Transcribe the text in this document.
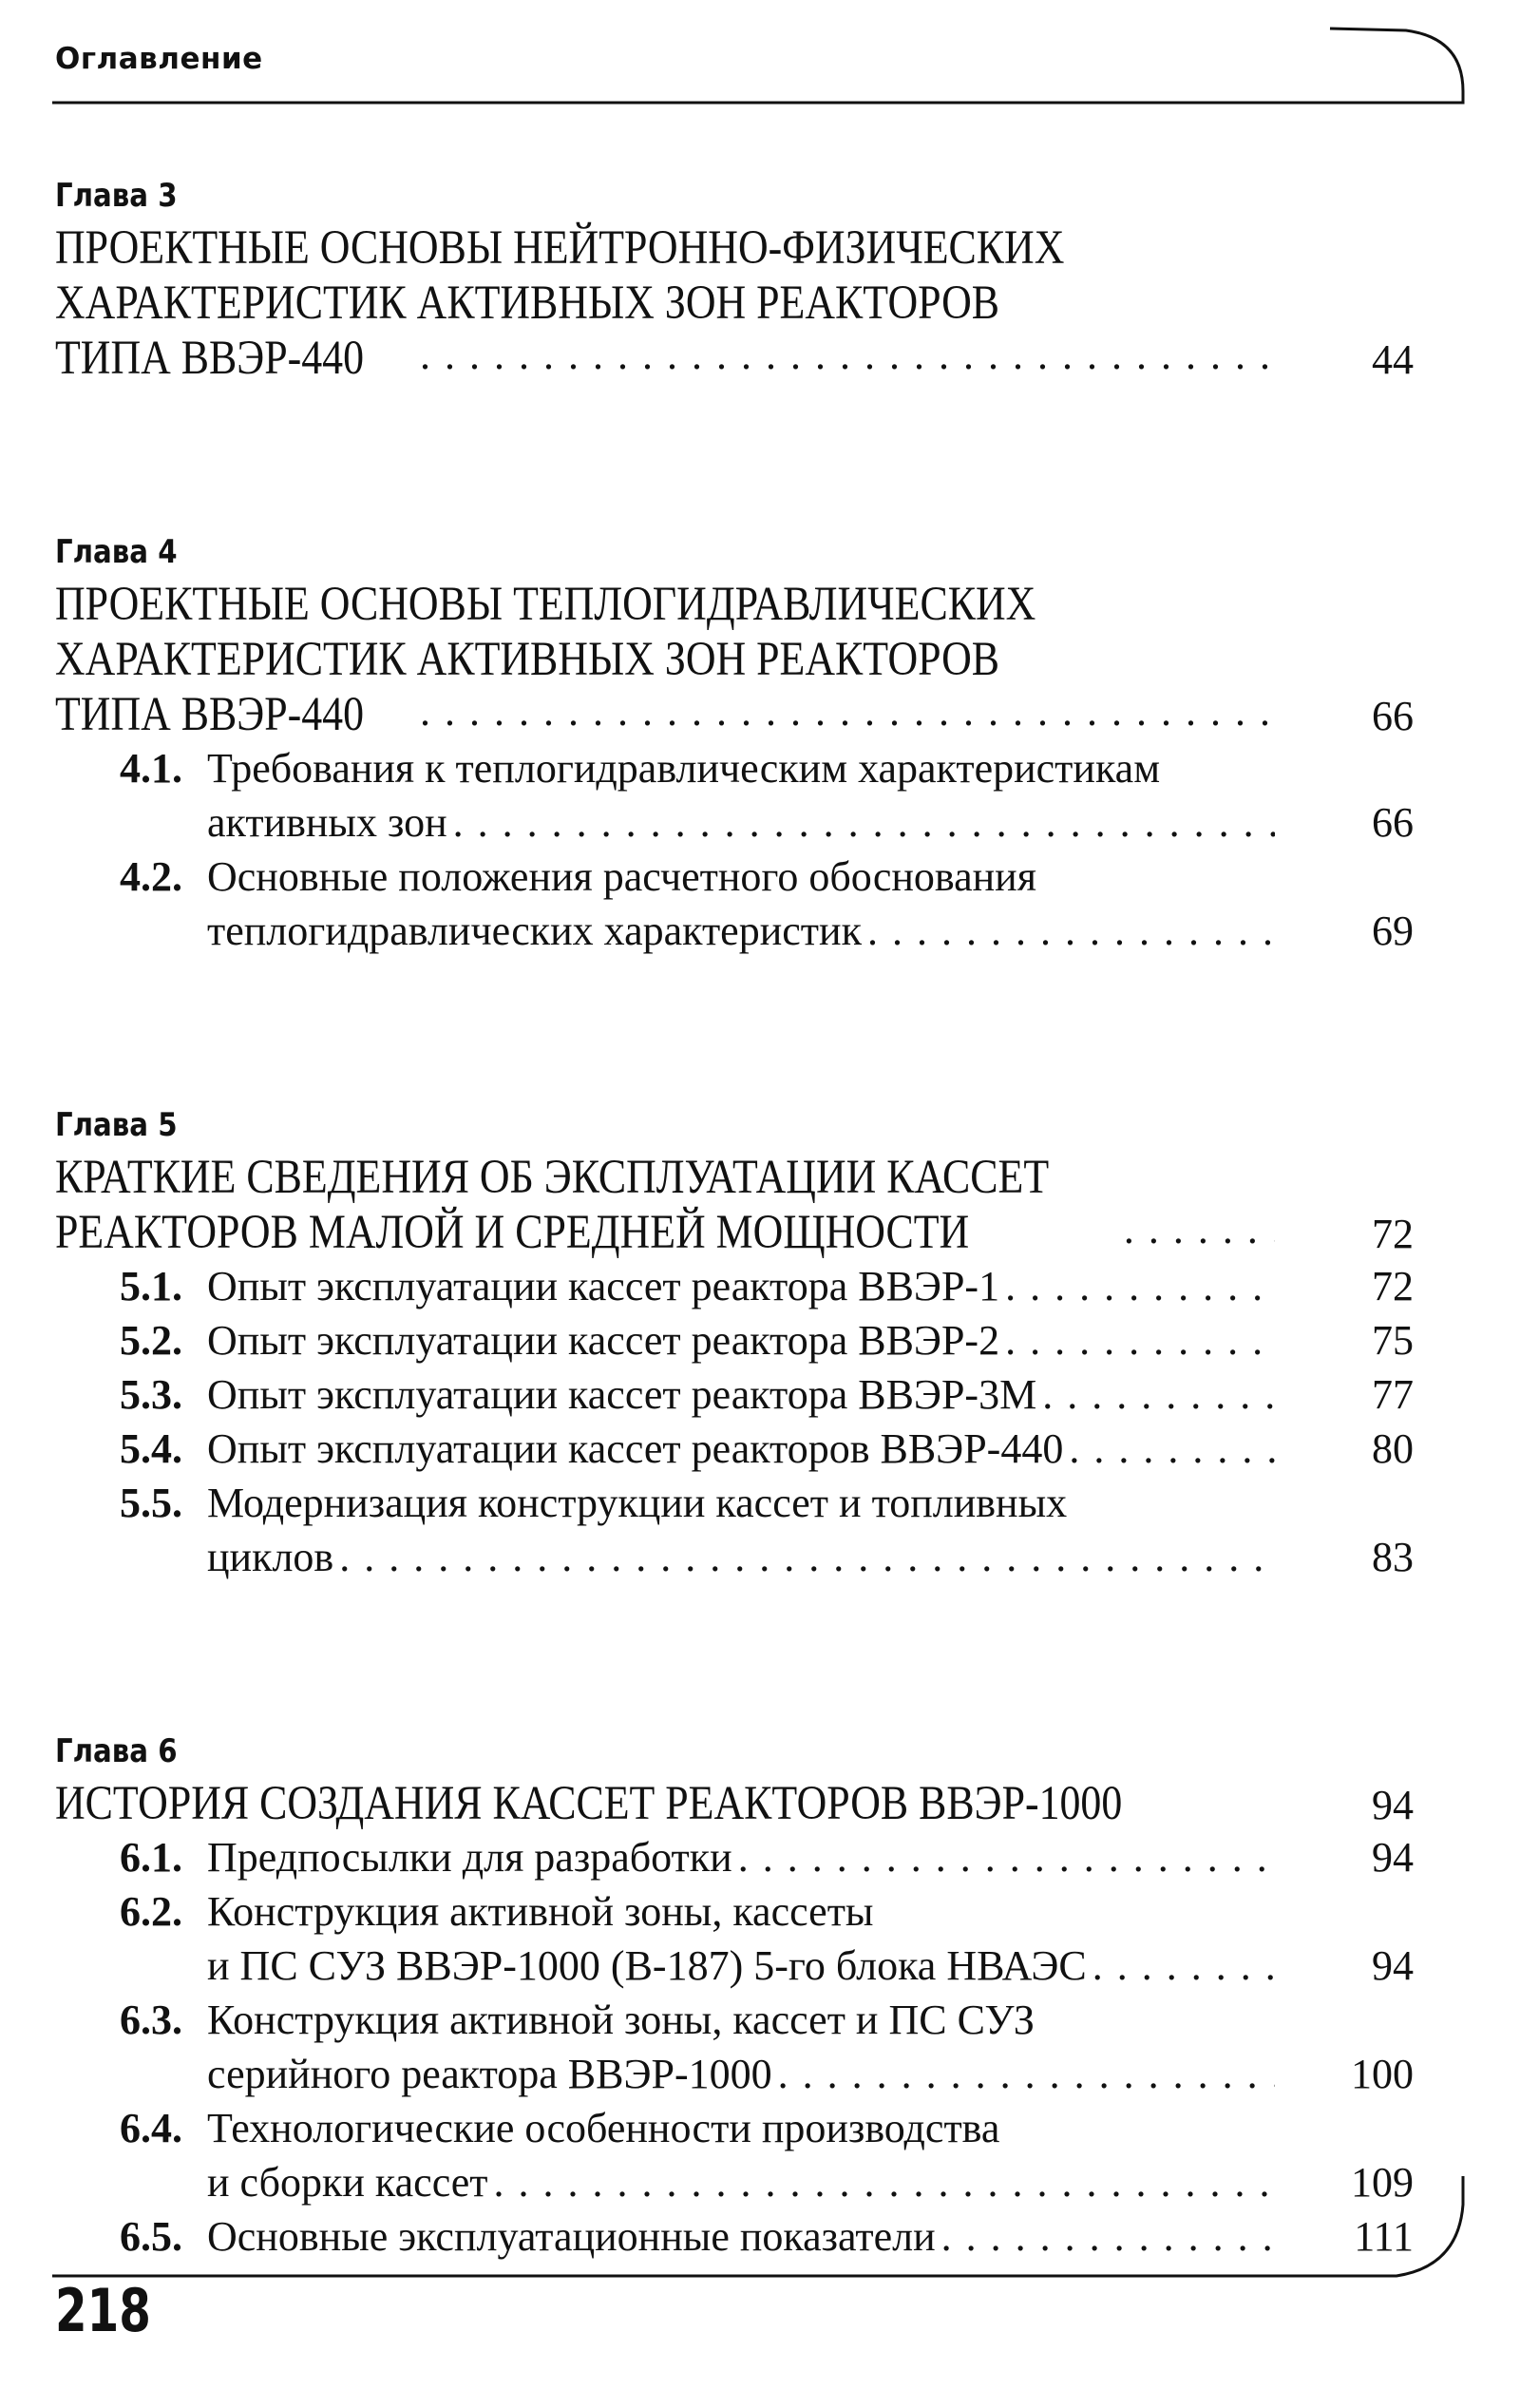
Оглавление
Глава 3
ПРОЕКТНЫЕ ОСНОВЫ НЕЙТРОННО-ФИЗИЧЕСКИХ
ХАРАКТЕРИСТИК АКТИВНЫХ ЗОН РЕАКТОРОВ
ТИПА ВВЭР-440 . . .	44
Глава 4
ПРОЕКТНЫЕ ОСНОВЫ ТЕПЛОГИДРАВЛИЧЕСКИХ
ХАРАКТЕРИСТИК АКТИВНЫХ ЗОН РЕАКТОРОВ
ТИПА ВВЭР-440 . . .	66
4.1. Требования к теплогидравлическим характеристикам
активных зон . . .	66
4.2. Основные положения расчетного обоснования
теплогидравлических характеристик . . .	69
Глава 5
КРАТКИЕ СВЕДЕНИЯ ОБ ЭКСПЛУАТАЦИИ КАССЕТ
РЕАКТОРОВ МАЛОЙ И СРЕДНЕЙ МОЩНОСТИ . . .	72
5.1. Опыт эксплуатации кассет реактора ВВЭР-1 . . .	72
5.2. Опыт эксплуатации кассет реактора ВВЭР-2 . . .	75
5.3. Опыт эксплуатации кассет реактора ВВЭР-3М . . .	77
5.4. Опыт эксплуатации кассет реакторов ВВЭР-440 . . .	80
5.5. Модернизация конструкции кассет и топливных
циклов . . .	83
Глава 6
ИСТОРИЯ СОЗДАНИЯ КАССЕТ РЕАКТОРОВ ВВЭР-1000	94
6.1. Предпосылки для разработки . . .	94
6.2. Конструкция активной зоны, кассеты
и ПС СУЗ ВВЭР-1000 (В-187) 5-го блока НВАЭС . . .	94
6.3. Конструкция активной зоны, кассет и ПС СУЗ
серийного реактора ВВЭР-1000 . . .	100
6.4. Технологические особенности производства
и сборки кассет . . .	109
6.5. Основные эксплуатационные показатели . . .	111
218
